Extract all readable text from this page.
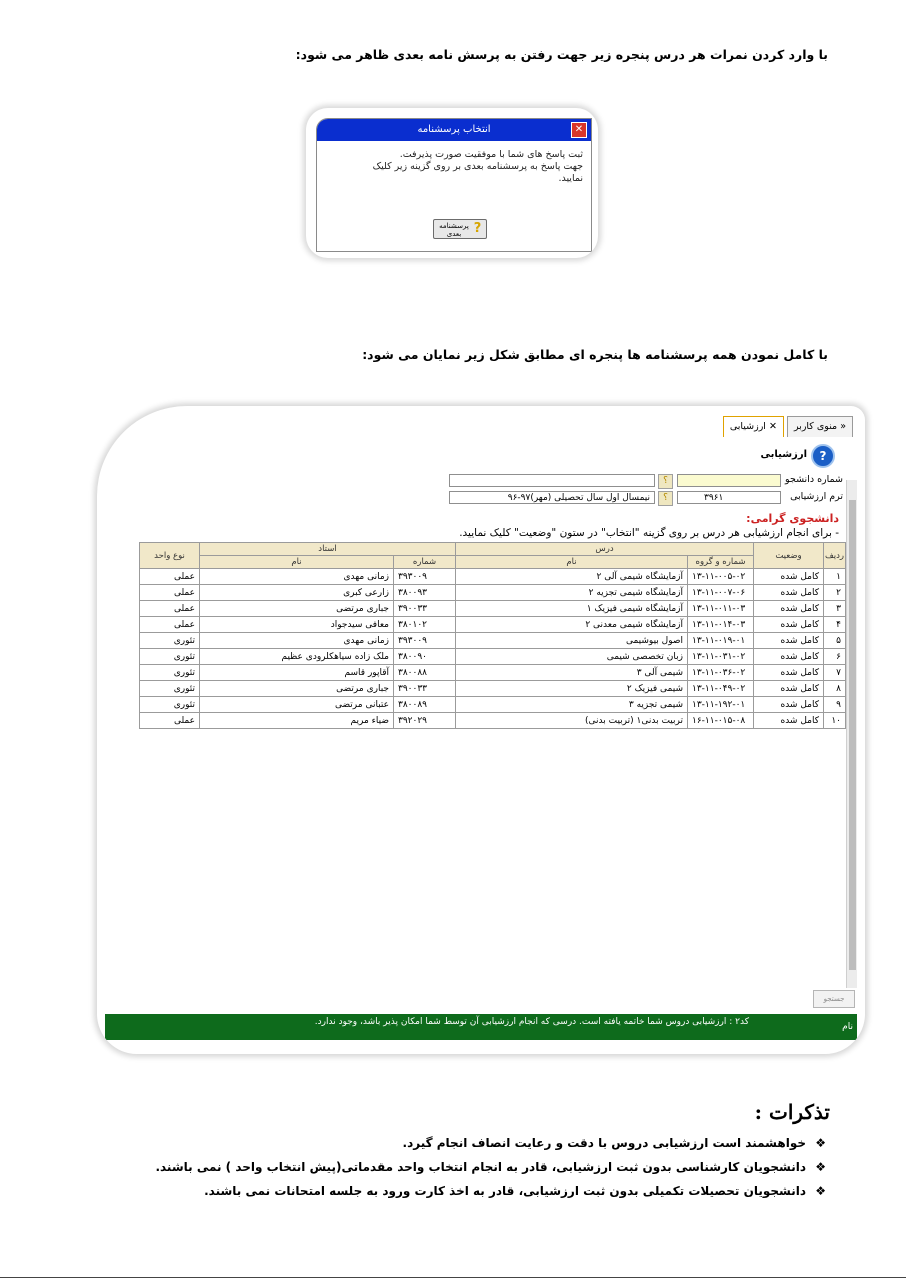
با وارد کردن نمرات هر درس پنجره زیر جهت رفتن به پرسش نامه بعدی ظاهر می شود:
انتخاب پرسشنامه	✕
ثبت پاسخ های شما با موفقیت صورت پذیرفت.
جهت پاسخ به پرسشنامه بعدی بر روی گزینه زیر کلیک نمایید.
?
پرسشنامه بعدی
با کامل نمودن همه پرسشنامه ها پنجره ای مطابق شکل زیر نمایان می شود:
« منوی کاربر
✕ ارزشیابی
?
ارزشیابی
شماره دانشجو
؟
ترم ارزشیابی
۳۹۶۱
؟
نیمسال اول سال تحصیلی (مهر)۹۷-۹۶
دانشجوی گرامی:
- برای انجام ارزشیابی هر درس بر روی گزینه "انتخاب" در ستون "وضعیت" کلیک نمایید.
ردیف	وضعیت	درس		استاد		نوع واحد
		شماره و گروه	نام	شماره	نام	
۱	کامل شده	۱۳-۱۱-۰۰۵-۰۲	آزمایشگاه شیمی آلی ۲	۳۹۳۰۰۹	زمانی مهدی	عملی
۲	کامل شده	۱۳-۱۱-۰۰۷-۰۶	آزمایشگاه شیمی تجزیه ۲	۳۸۰۰۹۳	زارعی کبری	عملی
۳	کامل شده	۱۳-۱۱-۰۱۱-۰۳	آزمایشگاه شیمی فیزیک ۱	۳۹۰۰۳۳	جباری مرتضی	عملی
۴	کامل شده	۱۳-۱۱-۰۱۴-۰۳	آزمایشگاه شیمی معدنی ۲	۳۸۰۱۰۲	معافی سیدجواد	عملی
۵	کامل شده	۱۳-۱۱-۰۱۹-۰۱	اصول بیوشیمی	۳۹۳۰۰۹	زمانی مهدی	تئوری
۶	کامل شده	۱۳-۱۱-۰۳۱-۰۲	زبان تخصصی شیمی	۳۸۰۰۹۰	ملک زاده سیاهکلرودی عظیم	تئوری
۷	کامل شده	۱۳-۱۱-۰۳۶-۰۲	شیمی آلی ۳	۳۸۰۰۸۸	آقاپور قاسم	تئوری
۸	کامل شده	۱۳-۱۱-۰۴۹-۰۲	شیمی فیزیک ۲	۳۹۰۰۳۳	جباری مرتضی	تئوری
۹	کامل شده	۱۳-۱۱-۱۹۲-۰۱	شیمی تجزیه ۳	۳۸۰۰۸۹	عتبانی مرتضی	تئوری
۱۰	کامل شده	۱۶-۱۱-۰۱۵-۰۸	تربیت بدنی۱ (تربیت بدنی)	۳۹۲۰۲۹	ضیاء مریم	عملی
جستجو
نام
کد۲ : ارزشیابی دروس شما خاتمه یافته است. درسی که انجام ارزشیابی آن توسط شما امکان پذیر باشد، وجود ندارد.
تذکرات :
❖
خواهشمند است ارزشیابی دروس با دقت و رعایت انصاف انجام گیرد.
❖
دانشجویان کارشناسی بدون ثبت ارزشیابی، قادر به انجام انتخاب واحد مقدماتی(پیش انتخاب واحد ) نمی باشند.
❖
دانشجویان تحصیلات تکمیلی بدون ثبت ارزشیابی، قادر به اخذ کارت ورود به جلسه امتحانات نمی باشند.
